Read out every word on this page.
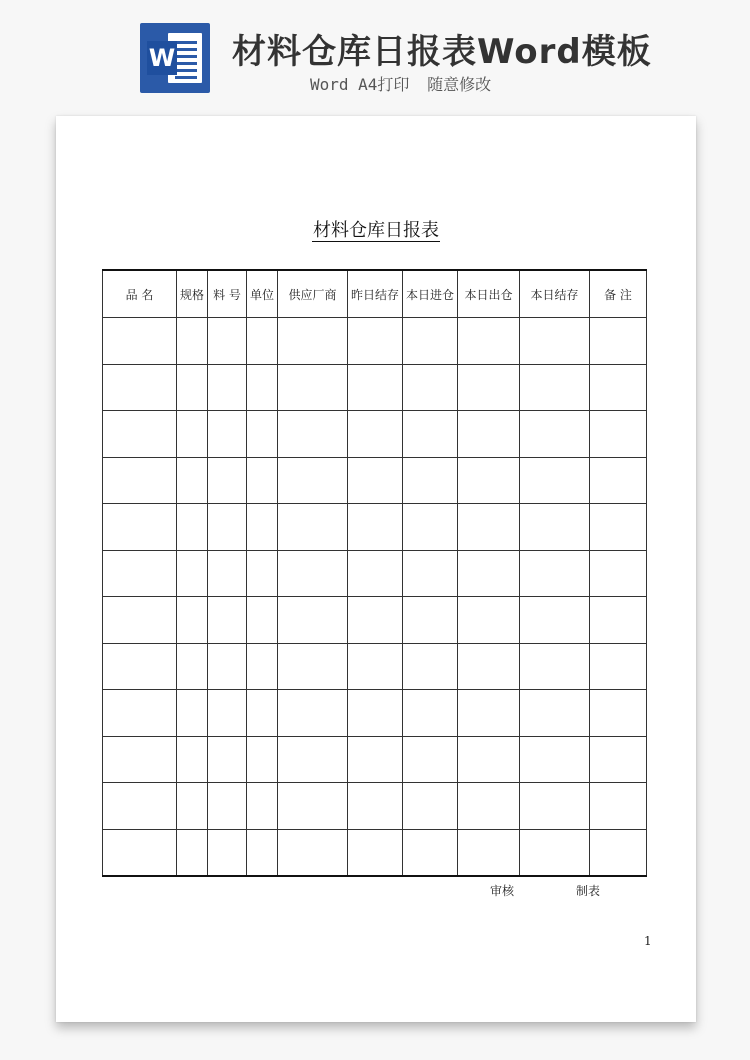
W 材料仓库日报表Word模板
Word A4打印 随意修改
材料仓库日报表
品 名	规格	料 号	单位	供应厂商	昨日结存	本日进仓	本日出仓	本日结存	备 注

审核	制表
1
